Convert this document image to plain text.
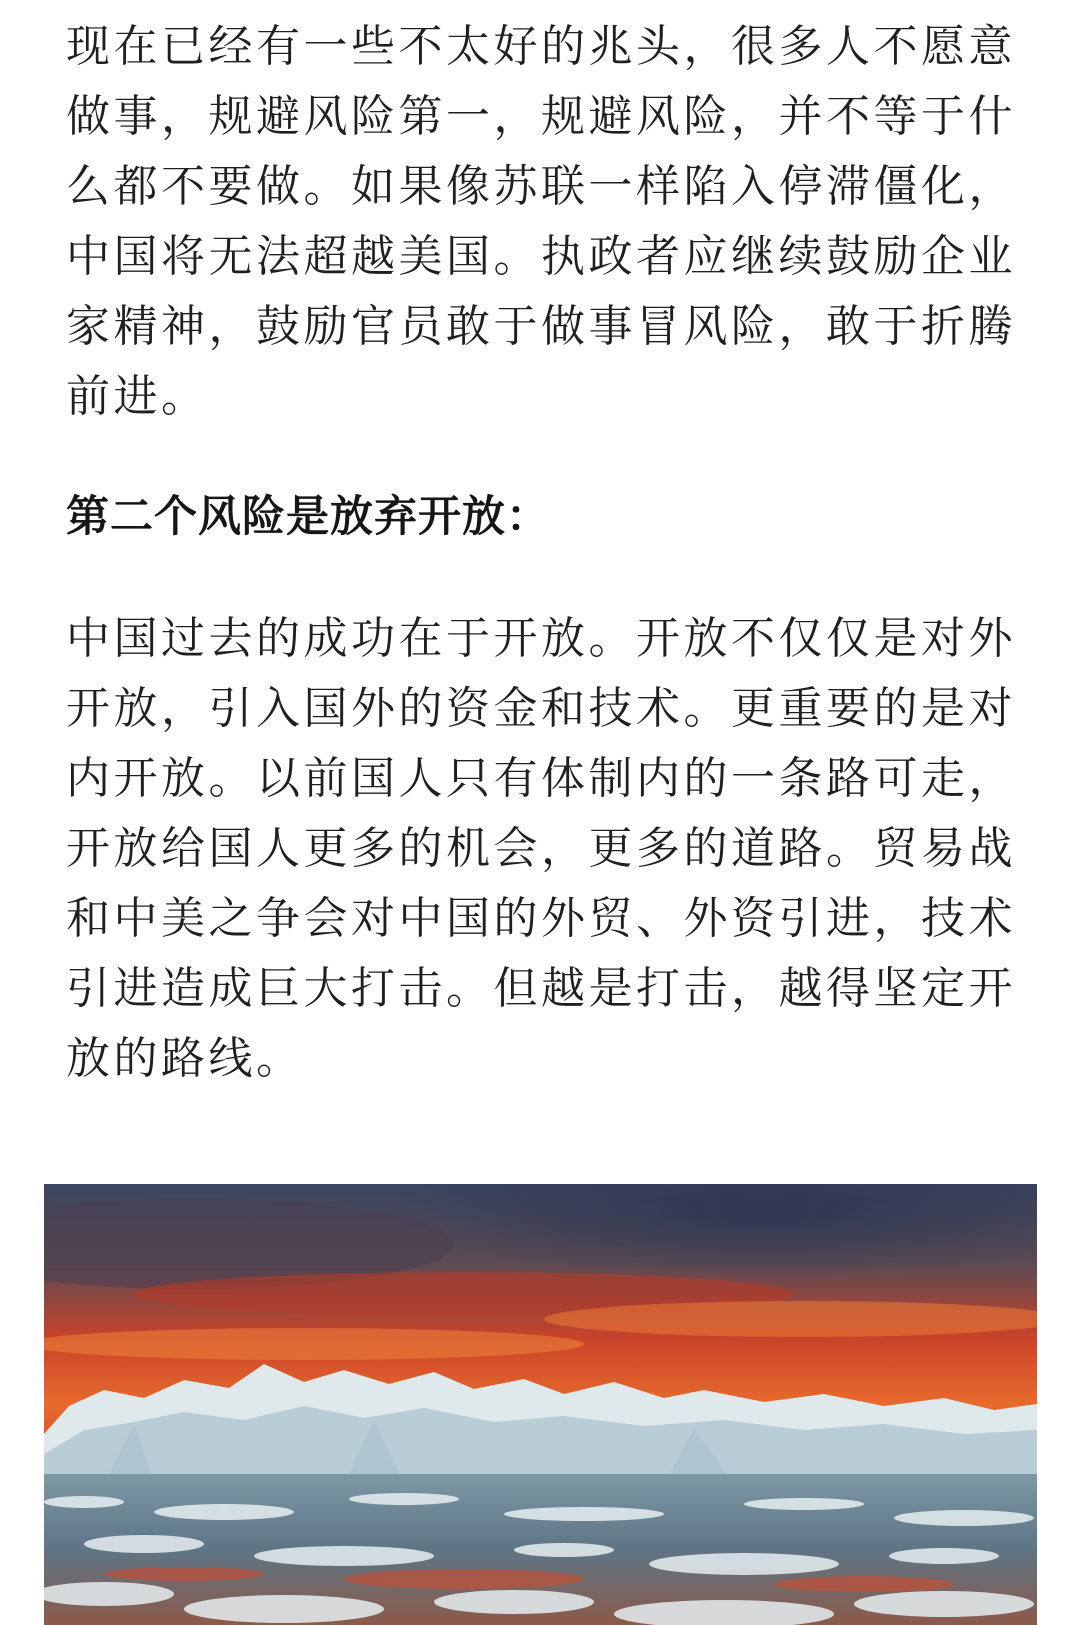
现在已经有一些不太好的兆头，很多人不愿意做事，规避风险第一，规避风险，并不等于什么都不要做。如果像苏联一样陷入停滞僵化，中国将无法超越美国。执政者应继续鼓励企业家精神，鼓励官员敢于做事冒风险，敢于折腾前进。

第二个风险是放弃开放：

中国过去的成功在于开放。开放不仅仅是对外开放，引入国外的资金和技术。更重要的是对内开放。以前国人只有体制内的一条路可走，开放给国人更多的机会，更多的道路。贸易战和中美之争会对中国的外贸、外资引进，技术引进造成巨大打击。但越是打击，越得坚定开放的路线。
